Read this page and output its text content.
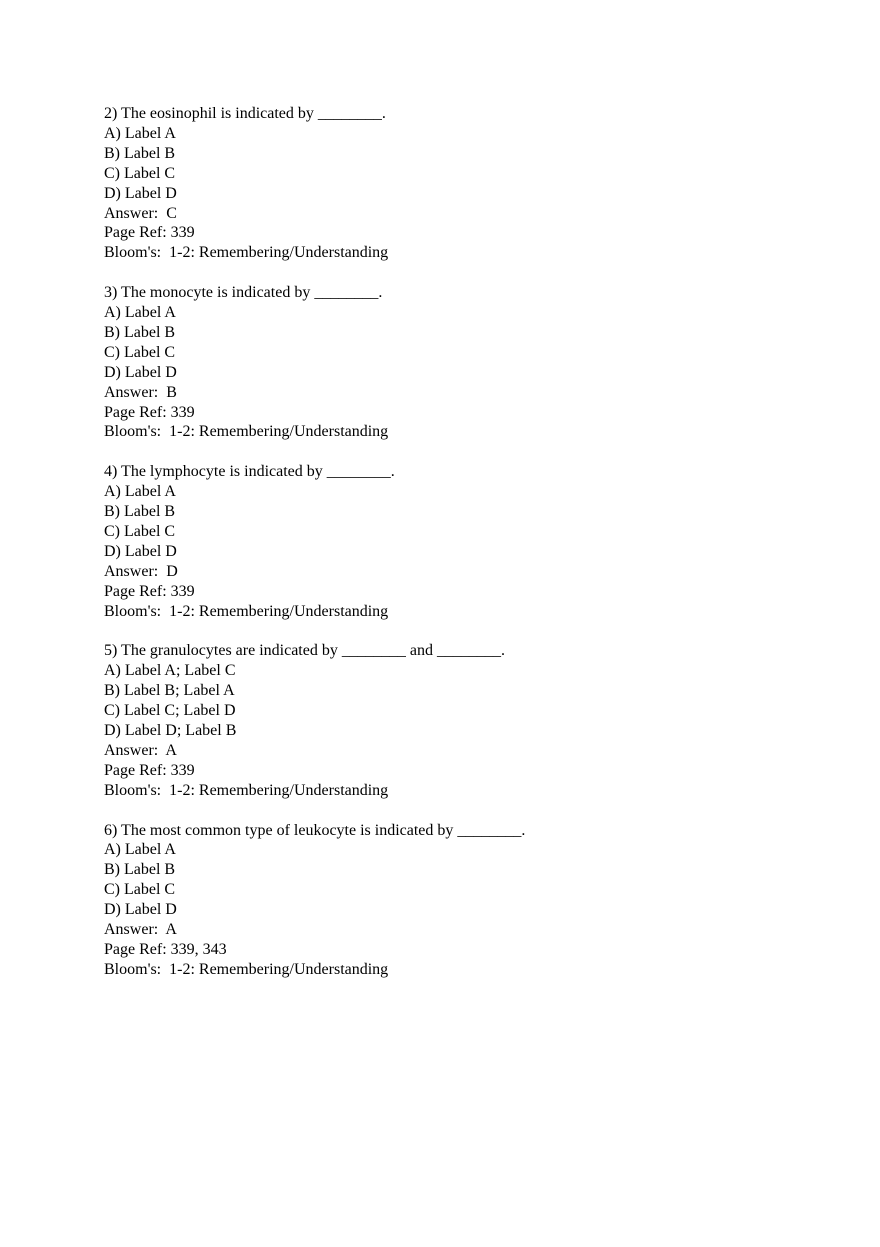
2) The eosinophil is indicated by ________.
A) Label A
B) Label B
C) Label C
D) Label D
Answer:  C
Page Ref: 339
Bloom's:  1-2: Remembering/Understanding
3) The monocyte is indicated by ________.
A) Label A
B) Label B
C) Label C
D) Label D
Answer:  B
Page Ref: 339
Bloom's:  1-2: Remembering/Understanding
4) The lymphocyte is indicated by ________.
A) Label A
B) Label B
C) Label C
D) Label D
Answer:  D
Page Ref: 339
Bloom's:  1-2: Remembering/Understanding
5) The granulocytes are indicated by ________ and ________.
A) Label A; Label C
B) Label B; Label A
C) Label C; Label D
D) Label D; Label B
Answer:  A
Page Ref: 339
Bloom's:  1-2: Remembering/Understanding
6) The most common type of leukocyte is indicated by ________.
A) Label A
B) Label B
C) Label C
D) Label D
Answer:  A
Page Ref: 339, 343
Bloom's:  1-2: Remembering/Understanding
